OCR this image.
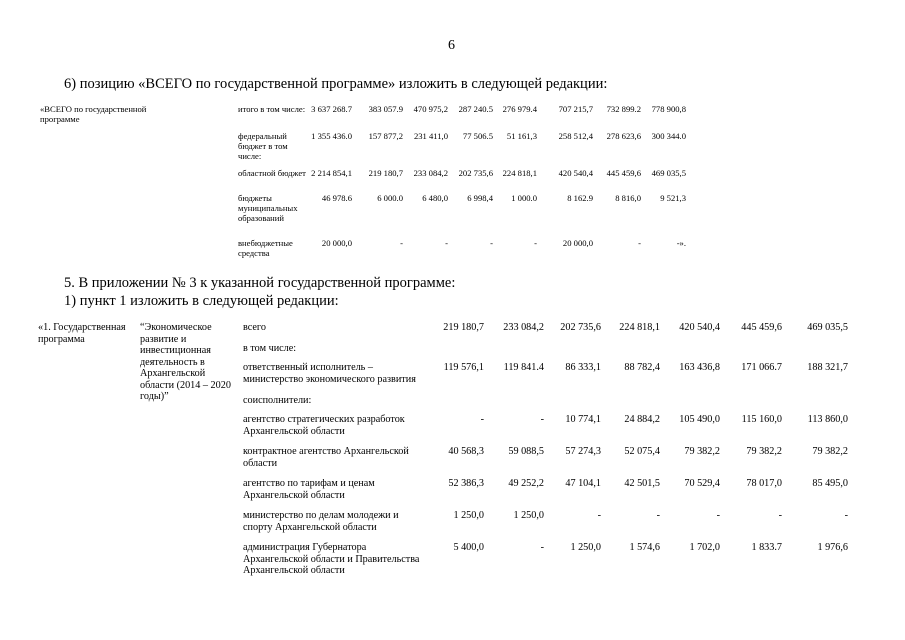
6
6) позицию «ВСЕГО по государственной программе» изложить в следующей редакции:
«ВСЕГО по государственной программе
итого в том числе: 3 637 268.7 383 057.9 470 975,2 287 240.5 276 979.4	707 215,7 732 899.2 778 900,8
федеральный бюджет в том числе:
1 355 436.0 157 877,2 231 411,0 77 506.5 51 161,3	258 512,4 278 623,6 300 344.0
областной бюджет 2 214 854,1 219 180,7 233 084,2 202 735,6 224 818,1	420 540,4 445 459,6 469 035,5
бюджеты муниципальных образований
46 978.6	6 000.0 6 480,0 6 998,4 1 000.0	8 162.9	8 816,0 9 521,3
внебюджетные средства
20 000,0	-	-	-	-	20 000,0	-	-».
5. В приложении № 3 к указанной государственной программе:
1) пункт 1 изложить в следующей редакции:
«1. Государственная программа
“Экономическое развитие и инвестиционная деятельность в Архангельской области (2014 – 2020 годы)”
всего	219 180,7 233 084,2 202 735,6 224 818,1 420 540,4 445 459,6 469 035,5
в том числе:
ответственный исполнитель – министерство экономического развития
119 576,1 119 841.4 86 333,1 88 782,4 163 436,8 171 066.7 188 321,7
соисполнители:
агентство стратегических разработок Архангельской области
-	- 10 774,1 24 884,2 105 490,0 115 160,0	113 860,0
контрактное агентство Архангельской области
40 568,3 59 088,5 57 274,3 52 075,4 79 382,2	79 382,2	79 382,2
агентство по тарифам и ценам Архангельской области
52 386,3 49 252,2 47 104,1 42 501,5 70 529,4	78 017,0	85 495,0
министерство по делам молодежи и спорту Архангельской области
1 250,0	1 250,0	-	-	-	-	-
администрация Губернатора Архангельской области и Правительства Архангельской области
5 400,0	-	1 250,0	1 574,6	1 702,0	1 833.7	1 976,6
